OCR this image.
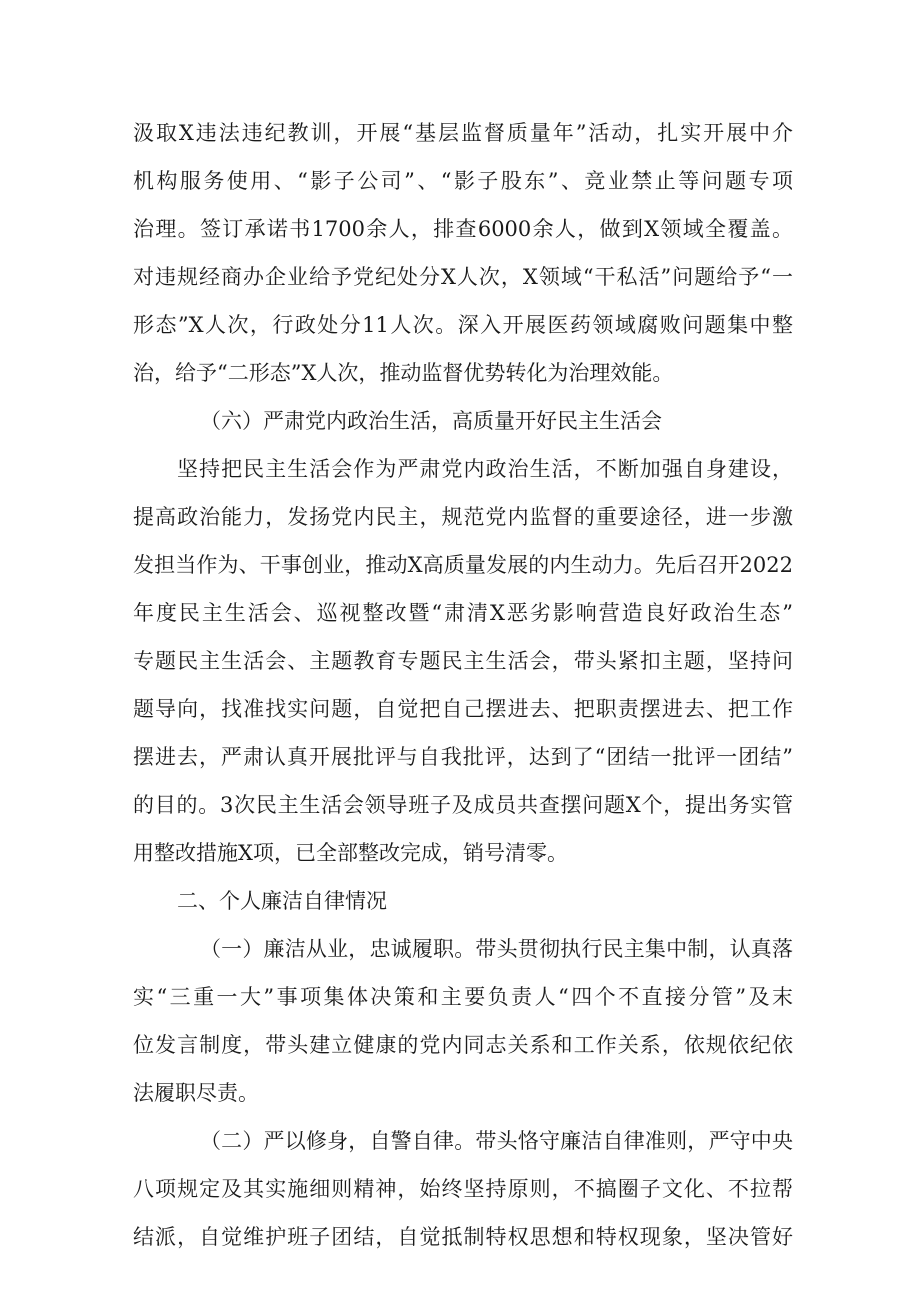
汲取X违法违纪教训，开展“基层监督质量年”活动，扎实开展中介

机构服务使用、“影子公司”、“影子股东”、竞业禁止等问题专项

治理。签订承诺书1700余人，排查6000余人，做到X领域全覆盖。

对违规经商办企业给予党纪处分X人次，X领域“干私活”问题给予“一

形态”X人次，行政处分11人次。深入开展医药领域腐败问题集中整

治，给予“二形态”X人次，推动监督优势转化为治理效能。

（六）严肃党内政治生活，高质量开好民主生活会

坚持把民主生活会作为严肃党内政治生活，不断加强自身建设，

提高政治能力，发扬党内民主，规范党内监督的重要途径，进一步激

发担当作为、干事创业，推动X高质量发展的内生动力。先后召开2022

年度民主生活会、巡视整改暨“肃清X恶劣影响营造良好政治生态”

专题民主生活会、主题教育专题民主生活会，带头紧扣主题，坚持问

题导向，找准找实问题，自觉把自己摆进去、把职责摆进去、把工作

摆进去，严肃认真开展批评与自我批评，达到了“团结一批评一团结”

的目的。3次民主生活会领导班子及成员共查摆问题X个，提出务实管

用整改措施X项，已全部整改完成，销号清零。

二、个人廉洁自律情况

（一）廉洁从业，忠诚履职。带头贯彻执行民主集中制，认真落

实“三重一大”事项集体决策和主要负责人“四个不直接分管”及末

位发言制度，带头建立健康的党内同志关系和工作关系，依规依纪依

法履职尽责。

（二）严以修身，自警自律。带头恪守廉洁自律准则，严守中央

八项规定及其实施细则精神，始终坚持原则，不搞圈子文化、不拉帮

结派，自觉维护班子团结，自觉抵制特权思想和特权现象，坚决管好
